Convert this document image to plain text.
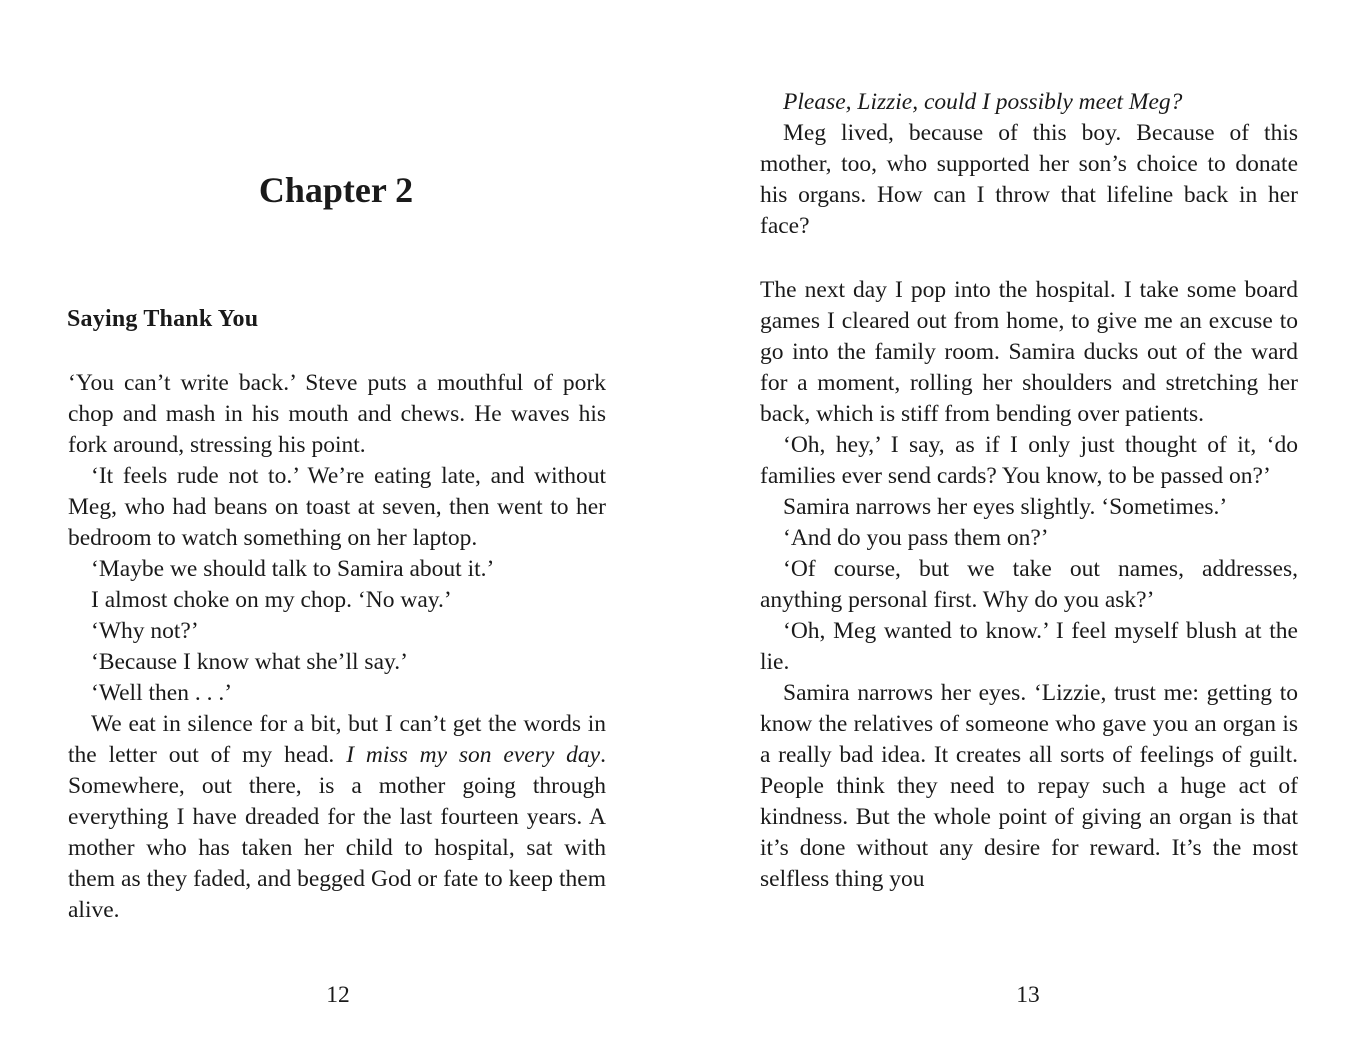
Chapter 2
Saying Thank You

‘You can’t write back.’ Steve puts a mouthful of pork chop and mash in his mouth and chews. He waves his fork around, stressing his point.

‘It feels rude not to.’ We’re eating late, and without Meg, who had beans on toast at seven, then went to her bedroom to watch something on her laptop.

‘Maybe we should talk to Samira about it.’

I almost choke on my chop. ‘No way.’

‘Why not?’

‘Because I know what she’ll say.’

‘Well then . . .’

We eat in silence for a bit, but I can’t get the words in the letter out of my head. I miss my son every day. Somewhere, out there, is a mother going through everything I have dreaded for the last fourteen years. A mother who has taken her child to hospital, sat with them as they faded, and begged God or fate to keep them alive.

12

Please, Lizzie, could I possibly meet Meg?

Meg lived, because of this boy. Because of this mother, too, who supported her son’s choice to donate his organs. How can I throw that lifeline back in her face?

The next day I pop into the hospital. I take some board games I cleared out from home, to give me an excuse to go into the family room. Samira ducks out of the ward for a moment, rolling her shoulders and stretching her back, which is stiff from bending over patients.

‘Oh, hey,’ I say, as if I only just thought of it, ‘do families ever send cards? You know, to be passed on?’

Samira narrows her eyes slightly. ‘Sometimes.’

‘And do you pass them on?’

‘Of course, but we take out names, addresses, anything personal first. Why do you ask?’

‘Oh, Meg wanted to know.’ I feel myself blush at the lie.

Samira narrows her eyes. ‘Lizzie, trust me: getting to know the relatives of someone who gave you an organ is a really bad idea. It creates all sorts of feelings of guilt. People think they need to repay such a huge act of kindness. But the whole point of giving an organ is that it’s done without any desire for reward. It’s the most selfless thing you

13
